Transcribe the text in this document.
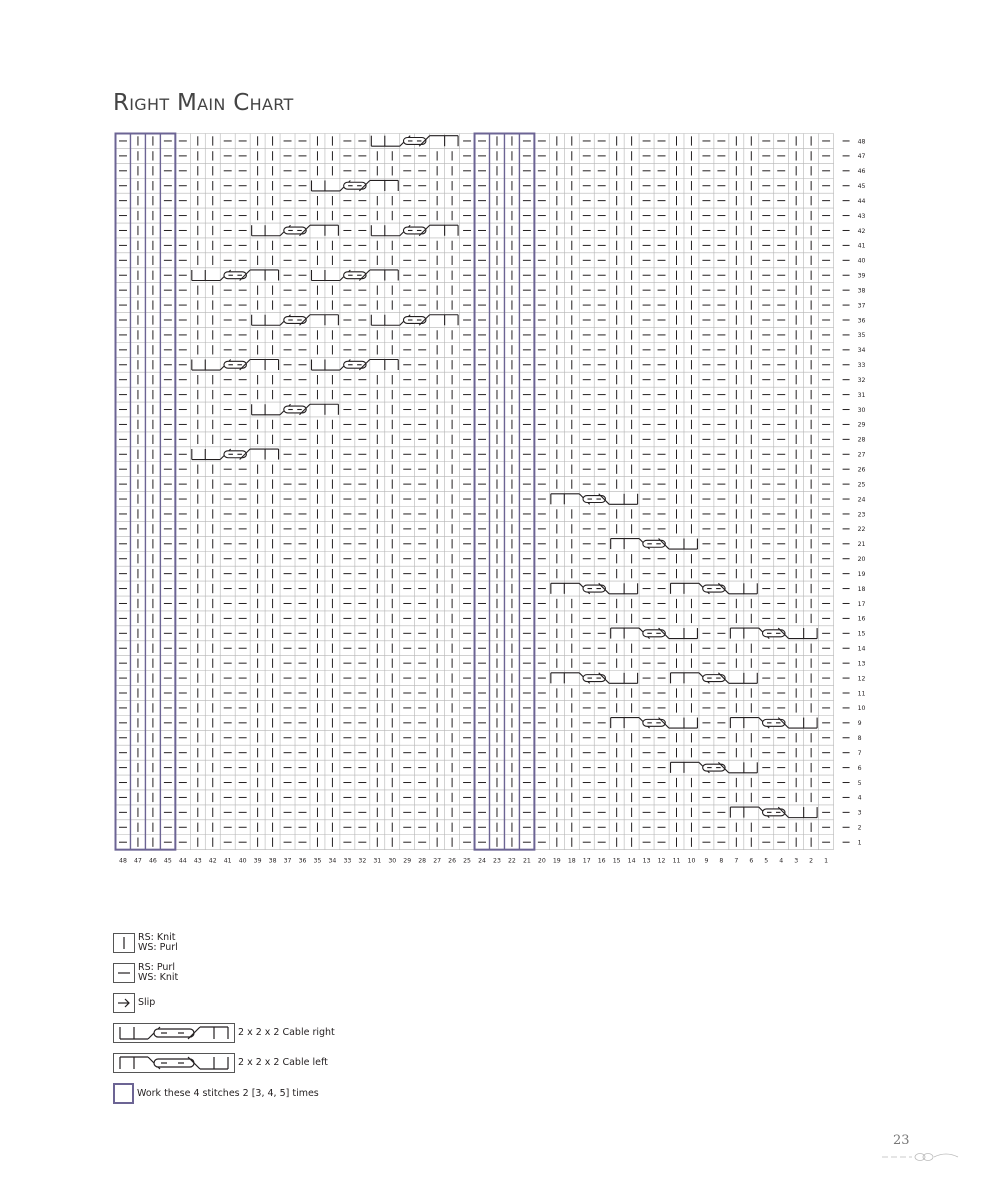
Right Main Chart
48 47 46 45 44 43 42 41 40 39 38 37 36 35 34 33 32 31 30 29 28 27 26 25 24 23 22 21 20 19 18 17 16 15 14 13 12 11 10 9 8 7 6 5 4 3 2 1
48
47
46
45
44
43
42
41
40
39
38
37
36
35
34
33
32
31
30
29
28
27
26
25
24
23
22
21
20
19
18
17
16
15
14
13
12
11
10
9
8
7
6
5
4
3
2
1
RS: Knit
WS: Purl
RS: Purl
WS: Knit
Slip
2 x 2 x 2 Cable right
2 x 2 x 2 Cable left
Work these 4 stitches 2 [3, 4, 5] times
23
